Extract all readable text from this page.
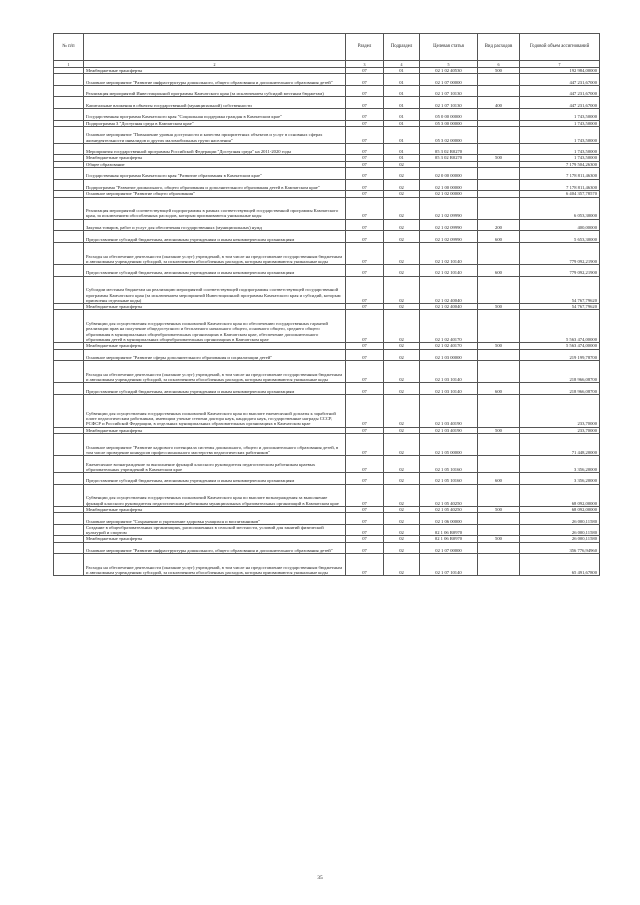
№ п/п		Раздел	Подраздел	Целевая статья	Вид расходов	Годовой объем ассигнований
1	2	3	4	5	6	7
	Межбюджетные трансферты	07	01	02 1 02 40530	500	192 984,00000
	Основное мероприятие "Развитие инфраструктуры дошкольного, общего образования и дополнительного образования детей"	07	01	02 1 07 00000		447 231,67000
	Реализация мероприятий Инвестиционной программы Камчатского края (за исключением субсидий местным бюджетам)	07	01	02 1 07 10130		447 231,67000
	Капитальные вложения в объекты государственной (муниципальной) собственности	07	01	02 1 07 10130	400	447 231,67000
	Государственная программа Камчатского края "Социальная поддержка граждан в Камчатском крае"	07	01	05 0 00 00000		1 743,50000
	Подпрограмма 3 "Доступная среда в Камчатском крае"	07	01	05 3 00 00000		1 743,50000
	Основное мероприятие "Повышение уровня доступности и качества приоритетных объектов и услуг в основных сферах жизнедеятельности инвалидов и других маломобильных групп населения"	07	01	05 3 02 00000		1 743,50000
	Мероприятия государственной программы Российской Федерации "Доступная среда" на 2011-2020 годы	07	01	05 3 02 R0270		1 743,50000
	Межбюджетные трансферты	07	01	05 3 02 R0270	500	1 743,50000
	Общее образование	07	02			7 179 504,26300
	Государственная программа Камчатского края "Развитие образования в Камчатском крае"	07	02	02 0 00 00000		7 178 811,46300
	Подпрограмма "Развитие дошкольного, общего образования и дополнительного образования детей в Камчатском крае"	07	02	02 1 00 00000		7 178 811,46300
	Основное мероприятие "Развитие общего образования"	07	02	02 1 02 00000		6 404 357,78570
	Реализация мероприятий соответствующей подпрограммы в рамках соответствующей государственной программы Камчатского края, за исключением обособленных расходов, которым присваиваются уникальные коды	07	02	02 1 02 09990		6 053,30000
	Закупка товаров, работ и услуг для обеспечения государственных (муниципальных) нужд	07	02	02 1 02 09990	200	400,00000
	Предоставление субсидий бюджетным, автономным учреждениям и иным некоммерческим организациям	07	02	02 1 02 09990	600	5 653,30000
	Расходы на обеспечение деятельности (оказание услуг) учреждений, в том числе на предоставление государственным бюджетным и автономным учреждениям субсидий, за исключением обособленных расходов, которым присваиваются уникальные коды	07	02	02 1 02 10140		779 092,21900
	Предоставление субсидий бюджетным, автономным учреждениям и иным некоммерческим организациям	07	02	02 1 02 10140	600	779 092,21900
	Субсидии местным бюджетам на реализацию мероприятий соответствующей подпрограммы соответствующей государственной программы Камчатского края (за исключением мероприятий Инвестиционной программы Камчатского края и субсидий, которым присвоены отдельные коды)	07	02	02 1 02 40040		54 767,79620
	Межбюджетные трансферты	07	02	02 1 02 40040	500	54 767,79620
	Субвенции для осуществления государственных полномочий Камчатского края по обеспечению государственных гарантий реализации прав на получение общедоступного и бесплатного начального общего, основного общего, среднего общего образования в муниципальных общеобразовательных организациях в Камчатском крае, обеспечение дополнительного образования детей в муниципальных общеобразовательных организациях в Камчатском крае	07	02	02 1 02 40170		5 563 474,00000
	Межбюджетные трансферты	07	02	02 1 02 40170	500	5 563 474,00000
	Основное мероприятие "Развитие сферы дополнительного образования и социализации детей"	07	02	02 1 03 00000		219 199,78700
	Расходы на обеспечение деятельности (оказание услуг) учреждений, в том числе на предоставление государственным бюджетным и автономным учреждениям субсидий, за исключением обособленных расходов, которым присваиваются уникальные коды	07	02	02 1 03 10140		218 966,08700
	Предоставление субсидий бюджетным, автономным учреждениям и иным некоммерческим организациям	07	02	02 1 03 10140	600	218 966,08700
	Субвенции для осуществления государственных полномочий Камчатского края по выплате ежемесячной доплаты к заработной плате педагогическим работникам, имеющим ученые степени доктора наук, кандидата наук, государственные награды СССР, РСФСР и Российской Федерации, в отдельных муниципальных образовательных организациях в Камчатском крае	07	02	02 1 03 40190		233,70000
	Межбюджетные трансферты	07	02	02 1 03 40190	500	233,70000
	Основное мероприятие "Развитие кадрового потенциала системы дошкольного, общего и дополнительного образования детей, в том числе проведение конкурсов профессионального мастерства педагогических работников"	07	02	02 1 05 00000		71 448,20000
	Ежемесячное вознаграждение за выполнение функций классного руководителя педагогическим работникам краевых образовательных учреждений в Камчатском крае	07	02	02 1 05 10160		3 356,20000
	Предоставление субсидий бюджетным, автономным учреждениям и иным некоммерческим организациям	07	02	02 1 05 10160	600	3 356,20000
	Субвенции для осуществления государственных полномочий Камчатского края по выплате вознаграждения за выполнение функций классного руководителя педагогическим работникам муниципальных образовательных организаций в Камчатском крае	07	02	02 1 05 40250		68 092,00000
	Межбюджетные трансферты	07	02	02 1 05 40250	500	68 092,00000
	Основное мероприятие "Сохранение и укрепление здоровья учащихся и воспитанников"	07	02	02 1 06 00000		26 000,11580
	Создание в общеобразовательных организациях, расположенных в сельской местности, условий для занятий физической культурой и спортом	07	02	02 1 06 R0970		26 000,11580
	Межбюджетные трансферты	07	02	02 1 06 R0970	500	26 000,11580
	Основное мероприятие "Развитие инфраструктуры дошкольного, общего образования и дополнительного образования детей"	07	02	02 1 07 00000		356 776,94960
	Расходы на обеспечение деятельности (оказание услуг) учреждений, в том числе на предоставление государственным бюджетным и автономным учреждениям субсидий, за исключением обособленных расходов, которым присваиваются уникальные коды	07	02	02 1 07 10140		65 491,67800
35
